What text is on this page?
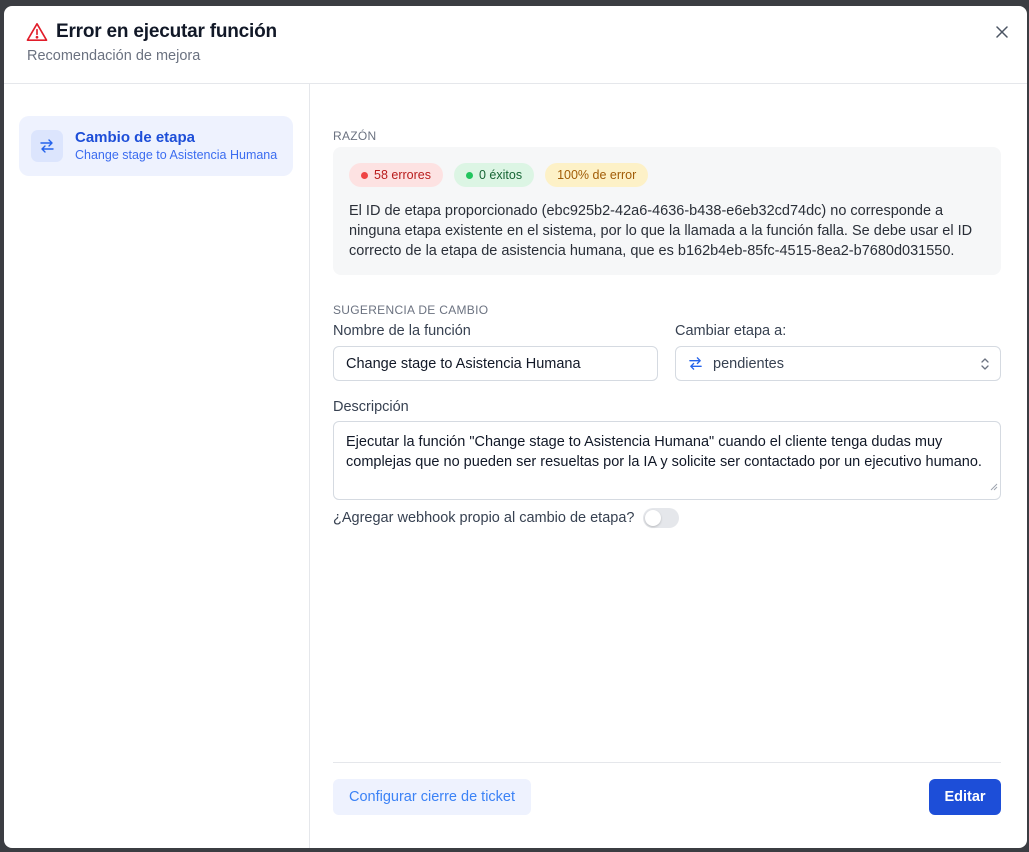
Error en ejecutar función
Recomendación de mejora
Cambio de etapa
Change stage to Asistencia Humana
RAZÓN
58 errores	0 éxitos	100% de error
El ID de etapa proporcionado (ebc925b2-42a6-4636-b438-e6eb32cd74dc) no corresponde a ninguna etapa existente en el sistema, por lo que la llamada a la función falla. Se debe usar el ID correcto de la etapa de asistencia humana, que es b162b4eb-85fc-4515-8ea2-b7680d031550.
SUGERENCIA DE CAMBIO
Nombre de la función
Change stage to Asistencia Humana
Cambiar etapa a:
pendientes
Descripción
Ejecutar la función "Change stage to Asistencia Humana" cuando el cliente tenga dudas muy complejas que no pueden ser resueltas por la IA y solicite ser contactado por un ejecutivo humano.
¿Agregar webhook propio al cambio de etapa?
Configurar cierre de ticket	Editar
